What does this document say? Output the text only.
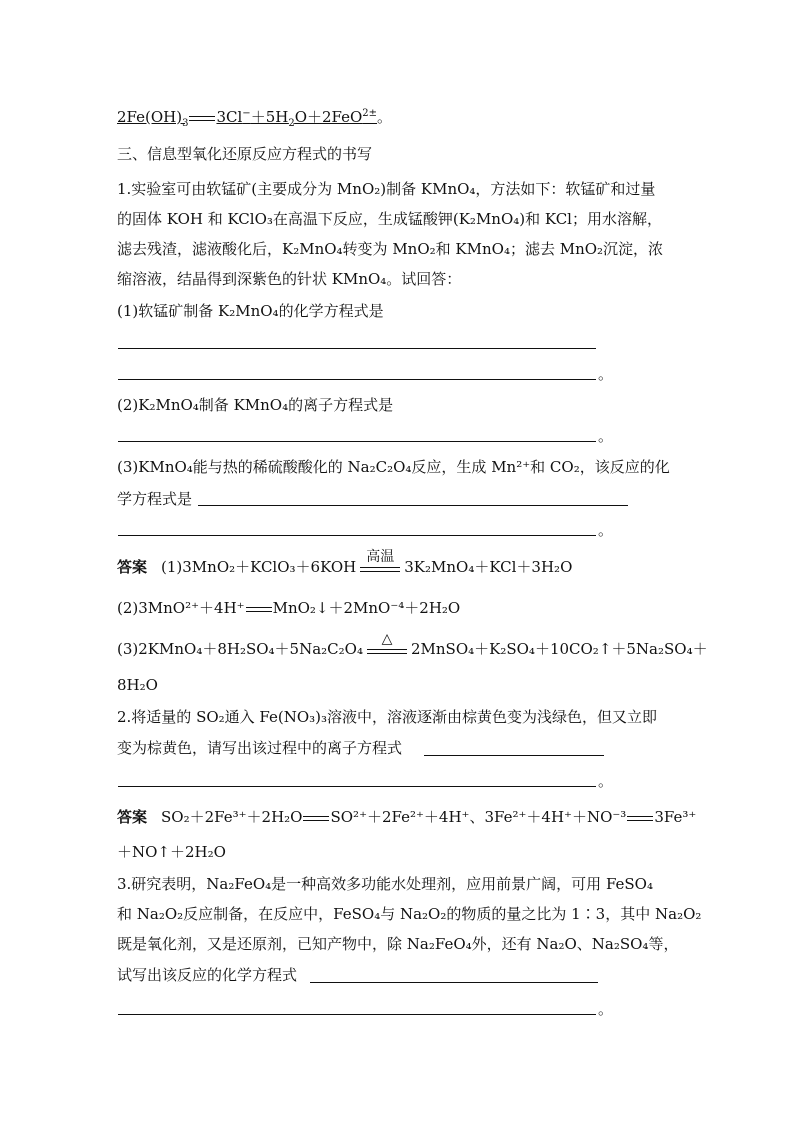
$2Fe(OH)_3$ $3Cl^-+5H_2O+2FeO^{2\pm}$。
三、信息型氧化还原反应方程式的书写
1.实验室可由软锰矿(主要成分为 MnO₂)制备 KMnO₄，方法如下：软锰矿和过量
的固体 KOH 和 KClO₃在高温下反应，生成锰酸钾(K₂MnO₄)和 KCl；用水溶解，
滤去残渣，滤液酸化后，K₂MnO₄转变为 MnO₂和 KMnO₄；滤去 MnO₂沉淀，浓
缩溶液，结晶得到深紫色的针状 KMnO₄。试回答：
(1)软锰矿制备 K₂MnO₄的化学方程式是
。
(2)K₂MnO₄制备 KMnO₄的离子方程式是
。
(3)KMnO₄能与热的稀硫酸酸化的 Na₂C₂O₄反应，生成 Mn²⁺和 CO₂，该反应的化
学方程式是
。
答案 (1)3MnO₂＋KClO₃＋6KOH
高温
3K₂MnO₄＋KCl＋3H₂O
(2)3MnO²⁺＋4H⁺ MnO₂↓＋2MnO⁻⁴＋2H₂O
(3)2KMnO₄＋8H₂SO₄＋5Na₂C₂O₄
△
2MnSO₄＋K₂SO₄＋10CO₂↑＋5Na₂SO₄＋
8H₂O
2.将适量的 SO₂通入 Fe(NO₃)₃溶液中，溶液逐渐由棕黄色变为浅绿色，但又立即
变为棕黄色，请写出该过程中的离子方程式
。
答案 SO₂＋2Fe³⁺＋2H₂O SO²⁺＋2Fe²⁺＋4H⁺、3Fe²⁺＋4H⁺＋NO⁻³ 3Fe³⁺
＋NO↑＋2H₂O
3.研究表明，Na₂FeO₄是一种高效多功能水处理剂，应用前景广阔，可用 FeSO₄
和 Na₂O₂反应制备，在反应中，FeSO₄与 Na₂O₂的物质的量之比为 1∶3，其中 Na₂O₂
既是氧化剂，又是还原剂，已知产物中，除 Na₂FeO₄外，还有 Na₂O、Na₂SO₄等，
试写出该反应的化学方程式
。
